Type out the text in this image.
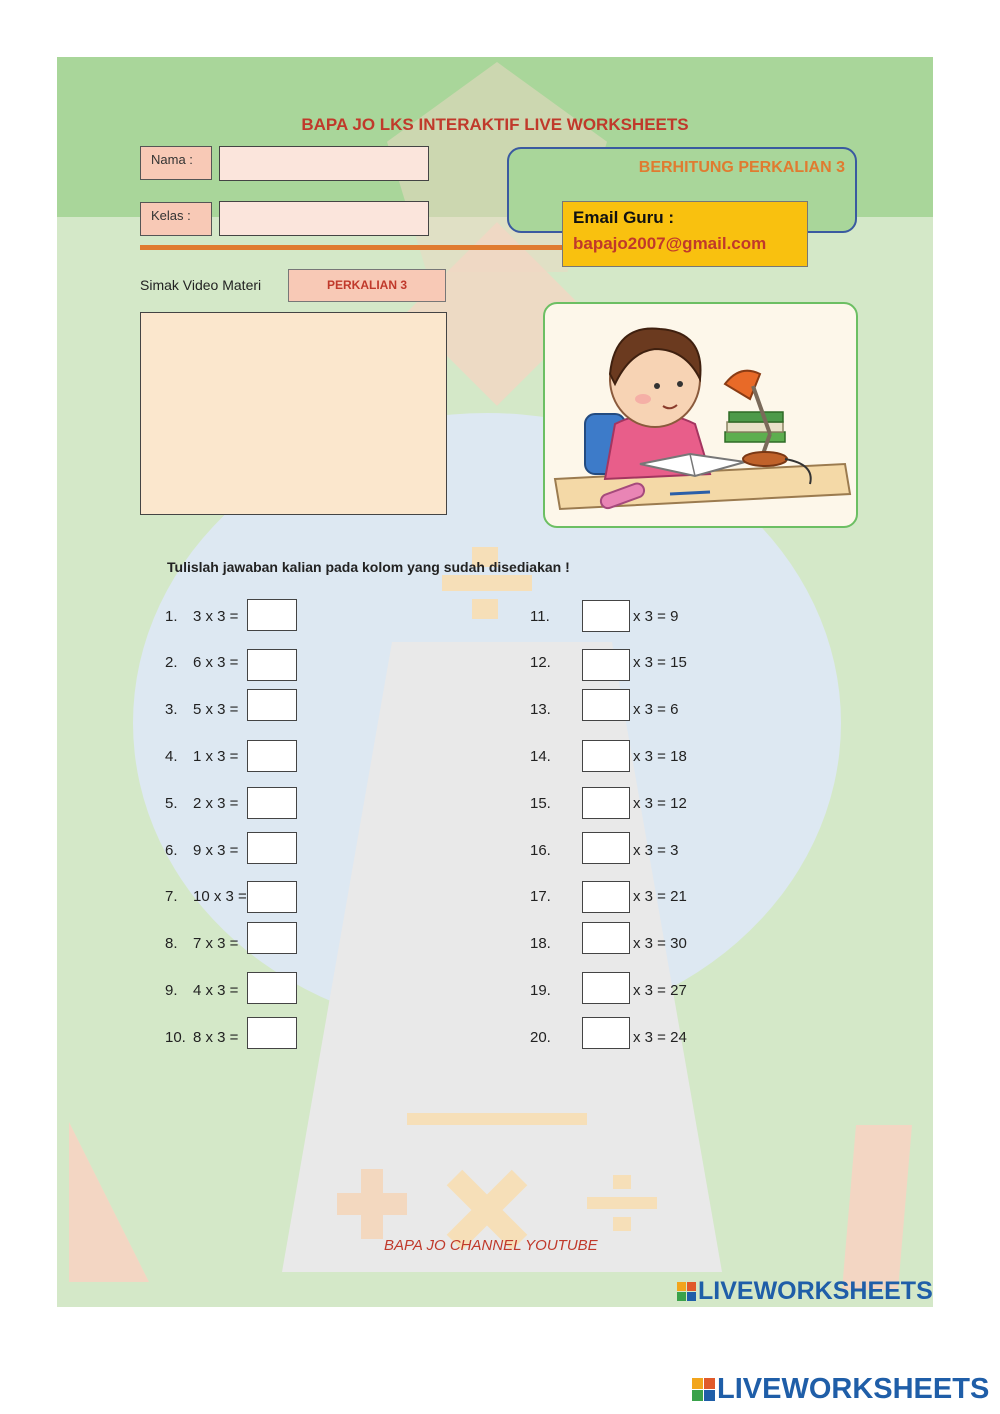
BAPA JO LKS INTERAKTIF LIVE WORKSHEETS
Nama :
Kelas :
BERHITUNG PERKALIAN 3
Email Guru :
bapajo2007@gmail.com
Simak Video Materi	PERKALIAN 3
Tulislah jawaban kalian pada kolom yang sudah disediakan !
1. 3 x 3 =
2. 6 x 3 =
3. 5 x 3 =
4. 1 x 3 =
5. 2 x 3 =
6. 9 x 3 =
7. 10 x 3 =
8. 7 x 3 =
9. 4 x 3 =
10. 8 x 3 =
11.	x 3 = 9
12.	x 3 = 15
13.	x 3 = 6
14.	x 3 = 18
15.	x 3 = 12
16.	x 3 = 3
17.	x 3 = 21
18.	x 3 = 30
19.	x 3 = 27
20.	x 3 = 24
BAPA JO CHANNEL YOUTUBE
LIVEWORKSHEETS
LIVEWORKSHEETS
